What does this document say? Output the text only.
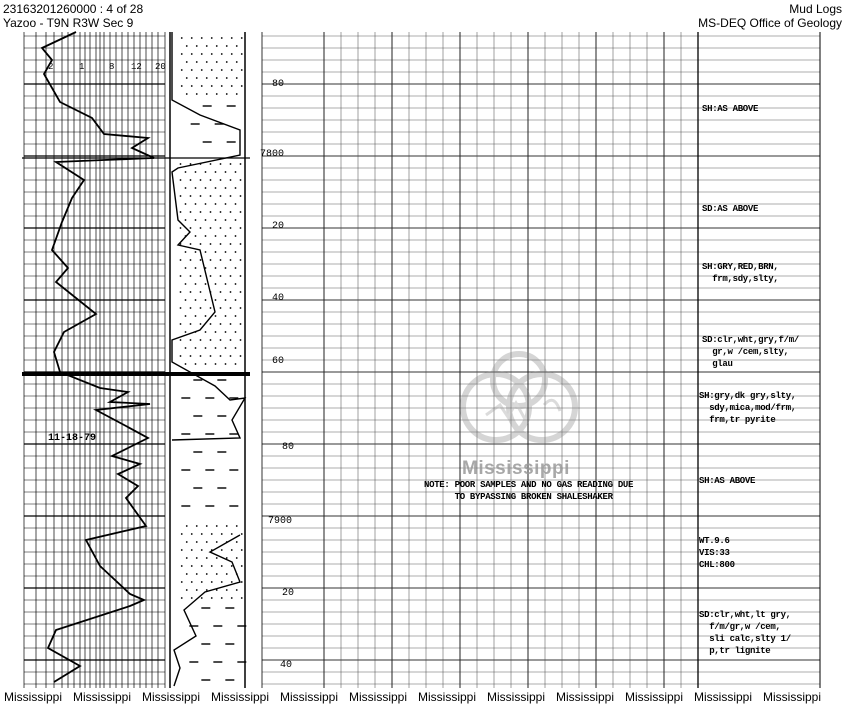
23163201260000 : 4 of 28
Yazoo - T9N R3W Sec 9
Mud Logs
MS-DEQ Office of Geology
2	1	8 12 20
80
7800
20
40
60
80
7900
20
40
11-18-79
SH:AS ABOVE
SD:AS ABOVE
SH:GRY,RED,BRN,
frm,sdy,slty,
SD:clr,wht,gry,f/m/
gr,w /cem,slty,
glau
SH:gry,dk gry,slty,
sdy,mica,mod/frm,
frm,tr pyrite
SH:AS ABOVE
WT.9.6
VIS:33
CHL:800
SD:clr,wht,lt gry,
f/m/gr,w /cem,
sli calc,slty 1/
p,tr lignite
NOTE: POOR SAMPLES AND NO GAS READING DUE
TO BYPASSING BROKEN SHALESHAKER
Mississippi
Mississippi Mississippi Mississippi Mississippi Mississippi Mississippi Mississippi Mississippi Mississippi Mississippi Mississippi Mississippi
